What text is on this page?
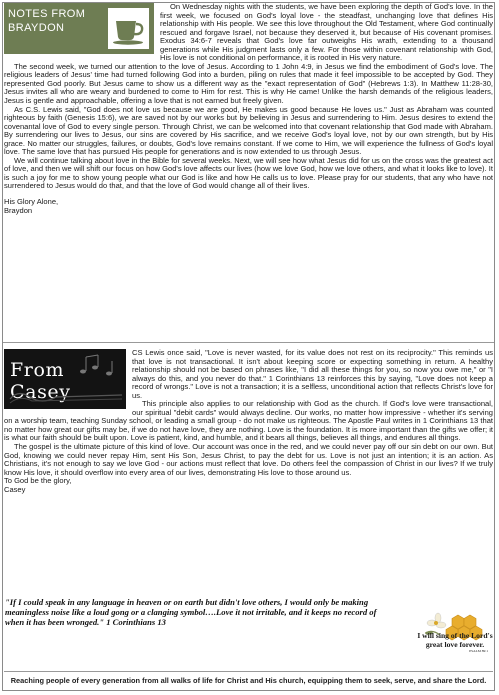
NOTES FROM BRAYDON

On Wednesday nights with the students, we have been exploring the depth of God's love. In the first week, we focused on God's loyal love - the steadfast, unchanging love that defines His relationship with His people. We see this love throughout the Old Testament, where God continually rescued and forgave Israel, not because they deserved it, but because of His covenant promises. Exodus 34:6-7 reveals that God's love far outweighs His wrath, extending to a thousand generations while His judgment lasts only a few. For those within covenant relationship with God, His love is not conditional on performance, it is rooted in His very nature.

The second week, we turned our attention to the love of Jesus. According to 1 John 4:9, in Jesus we find the embodiment of God's love. The religious leaders of Jesus' time had turned following God into a burden, piling on rules that made it feel impossible to be accepted by God. They represented God poorly. But Jesus came to show us a different way as the "exact representation of God" (Hebrews 1:3). In Matthew 11:28-30, Jesus invites all who are weary and burdened to come to Him for rest. This is why He came! Unlike the harsh demands of the religious leaders, Jesus is gentle and approachable, offering a love that is not earned but freely given.

As C.S. Lewis said, "God does not love us because we are good, He makes us good because He loves us." Just as Abraham was counted righteous by faith (Genesis 15:6), we are saved not by our works but by believing in Jesus and surrendering to Him. Jesus desires to extend the covenantal love of God to every single person. Through Christ, we can be welcomed into that covenant relationship that God made with Abraham. By surrendering our lives to Jesus, our sins are covered by His sacrifice, and we receive God's loyal love, not by our own strength, but by His grace. No matter our struggles, failures, or doubts, God's love remains constant. If we come to Him, we will experience the fullness of God's loyal love. The same love that has pursued His people for generations and is now extended to us through Jesus.

We will continue talking about love in the Bible for several weeks. Next, we will see how what Jesus did for us on the cross was the greatest act of love, and then we will shift our focus on how God's love affects our lives (how we love God, how we love others, and what it looks like to love). It is such a joy for me to show young people what our God is like and how He calls us to love. Please pray for our students, that any who have not surrendered to Jesus would do that, and that the love of God would change all of their lives.

His Glory Alone,

Braydon

From Casey

CS Lewis once said, "Love is never wasted, for its value does not rest on its reciprocity." This reminds us that love is not transactional. It isn't about keeping score or expecting something in return. A healthy relationship should not be based on phrases like, "I did all these things for you, so now you owe me," or "I always do this, and you never do that." 1 Corinthians 13 reinforces this by saying, "Love does not keep a record of wrongs." Love is not a transaction; it is a selfless, unconditional action that reflects Christ's love for us.

This principle also applies to our relationship with God as the church. If God's love were transactional, our spiritual "debit cards" would always decline. Our works, no matter how impressive - whether it's serving on a worship team, teaching Sunday school, or leading a small group - do not make us righteous. The Apostle Paul writes in 1 Corinthians 13 that no matter how great our gifts may be, if we do not have love, they are nothing. Love is the foundation. It is more important than the gifts we offer; it is what our faith should be built upon. Love is patient, kind, and humble, and it bears all things, believes all things, and endures all things.

The gospel is the ultimate picture of this kind of love. Our account was once in the red, and we could never pay off our sin debt on our own. But God, knowing we could never repay Him, sent His Son, Jesus Christ, to pay the debt for us. Love is not just an intention; it is an action. As Christians, it's not enough to say we love God - our actions must reflect that love. Do others feel the compassion of Christ in our lives? If we truly know His love, it should overflow into every area of our lives, demonstrating His love to those around us.

To God be the glory,

Casey

"If I could speak in any language in heaven or on earth but didn't love others, I would only be making meaningless noise like a loud gong or a clanging symbol….Love it not irritable, and it keeps no record of when it has been wronged." 1 Corinthians 13
I will sing of the Lord's great love forever.
PSALM 89:1
Reaching people of every generation from all walks of life for Christ and His church, equipping them to seek, serve, and share the Lord.
